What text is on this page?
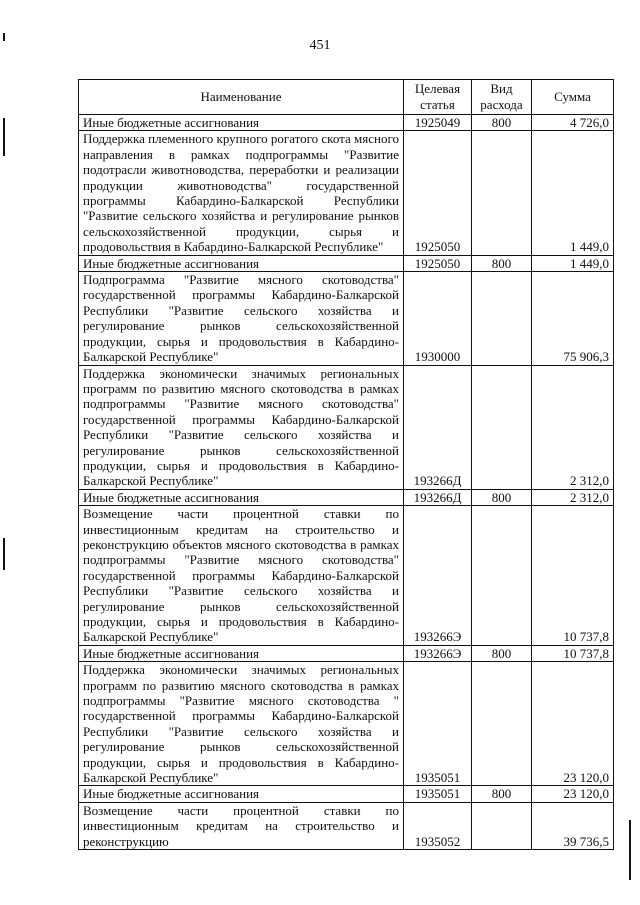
451
Наименование	Целевая статья	Вид расхода	Сумма
Иные бюджетные ассигнования	1925049	800	4 726,0
Поддержка племенного крупного рогатого скота мясного направления в рамках подпрограммы "Развитие подотрасли животноводства, переработки и реализации продукции животноводства" государственной программы Кабардино-Балкарской Республики "Развитие сельского хозяйства и регулирование рынков сельскохозяйственной продукции, сырья и продовольствия в Кабардино-Балкарской Республике"	1925050		1 449,0
Иные бюджетные ассигнования	1925050	800	1 449,0
Подпрограмма "Развитие мясного скотоводства" государственной программы Кабардино-Балкарской Республики "Развитие сельского хозяйства и регулирование рынков сельскохозяйственной продукции, сырья и продовольствия в Кабардино-Балкарской Республике"	1930000		75 906,3
Поддержка экономически значимых региональных программ по развитию мясного скотоводства в рамках подпрограммы "Развитие мясного скотоводства" государственной программы Кабардино-Балкарской Республики "Развитие сельского хозяйства и регулирование рынков сельскохозяйственной продукции, сырья и продовольствия в Кабардино-Балкарской Республике"	193266Д		2 312,0
Иные бюджетные ассигнования	193266Д	800	2 312,0
Возмещение части процентной ставки по инвестиционным кредитам на строительство и реконструкцию объектов мясного скотоводства в рамках подпрограммы "Развитие мясного скотоводства" государственной программы Кабардино-Балкарской Республики "Развитие сельского хозяйства и регулирование рынков сельскохозяйственной продукции, сырья и продовольствия в Кабардино-Балкарской Республике"	193266Э		10 737,8
Иные бюджетные ассигнования	193266Э	800	10 737,8
Поддержка экономически значимых региональных программ по развитию мясного скотоводства в рамках подпрограммы "Развитие мясного скотоводства " государственной программы Кабардино-Балкарской Республики "Развитие сельского хозяйства и регулирование рынков сельскохозяйственной продукции, сырья и продовольствия в Кабардино-Балкарской Республике"	1935051		23 120,0
Иные бюджетные ассигнования	1935051	800	23 120,0
Возмещение части процентной ставки по инвестиционным кредитам на строительство и реконструкцию	1935052		39 736,5
